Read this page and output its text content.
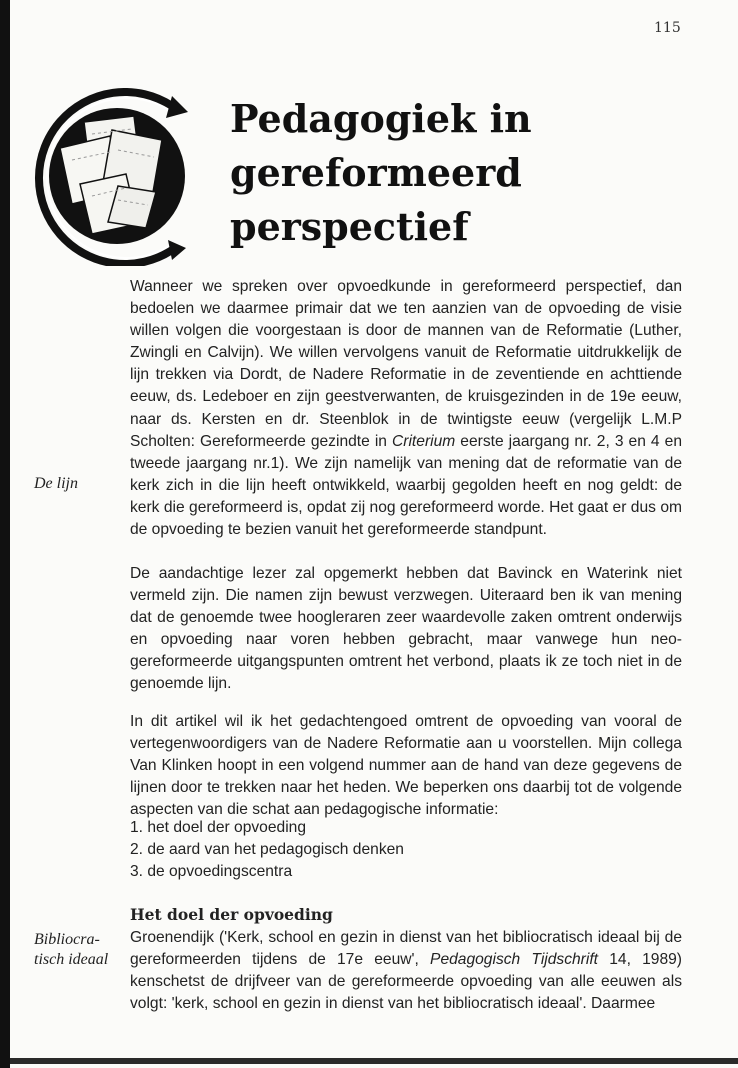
115
Pedagogiek in
gereformeerd
perspectief

Wanneer we spreken over opvoedkunde in gereformeerd perspectief, dan bedoelen we daarmee primair dat we ten aanzien van de opvoeding de visie willen volgen die voorgestaan is door de mannen van de Reformatie (Luther, Zwingli en Calvijn). We willen vervolgens vanuit de Reformatie uitdrukkelijk de lijn trekken via Dordt, de Nadere Reformatie in de zeventiende en achttiende eeuw, ds. Ledeboer en zijn geestverwanten, de kruisgezinden in de 19e eeuw, naar ds. Kersten en dr. Steenblok in de twintigste eeuw (vergelijk L.M.P Scholten: Gereformeerde gezindte in Criterium eerste jaargang nr. 2, 3 en 4 en tweede jaargang nr.1). We zijn namelijk van mening dat de reformatie van de kerk zich in die lijn heeft ontwikkeld, waarbij gegolden heeft en nog geldt: de kerk die gereformeerd is, opdat zij nog gereformeerd worde. Het gaat er dus om de opvoeding te bezien vanuit het gereformeerde standpunt.

De lijn

De aandachtige lezer zal opgemerkt hebben dat Bavinck en Waterink niet vermeld zijn. Die namen zijn bewust verzwegen. Uiteraard ben ik van mening dat de genoemde twee hoogleraren zeer waardevolle zaken omtrent onderwijs en opvoeding naar voren hebben gebracht, maar vanwege hun neo-gereformeerde uitgangspunten omtrent het verbond, plaats ik ze toch niet in de genoemde lijn.

In dit artikel wil ik het gedachtengoed omtrent de opvoeding van vooral de vertegenwoordigers van de Nadere Reformatie aan u voorstellen. Mijn collega Van Klinken hoopt in een volgend nummer aan de hand van deze gegevens de lijnen door te trekken naar het heden. We beperken ons daarbij tot de volgende aspecten van die schat aan pedagogische informatie:

1. het doel der opvoeding
2. de aard van het pedagogisch denken
3. de opvoedingscentra
Het doel der opvoeding
Bibliocra-
tisch ideaal

Groenendijk ('Kerk, school en gezin in dienst van het bibliocratisch ideaal bij de gereformeerden tijdens de 17e eeuw', Pedagogisch Tijdschrift 14, 1989) kenschetst de drijfveer van de gereformeerde opvoeding van alle eeuwen als volgt: 'kerk, school en gezin in dienst van het bibliocratisch ideaal'. Daarmee
